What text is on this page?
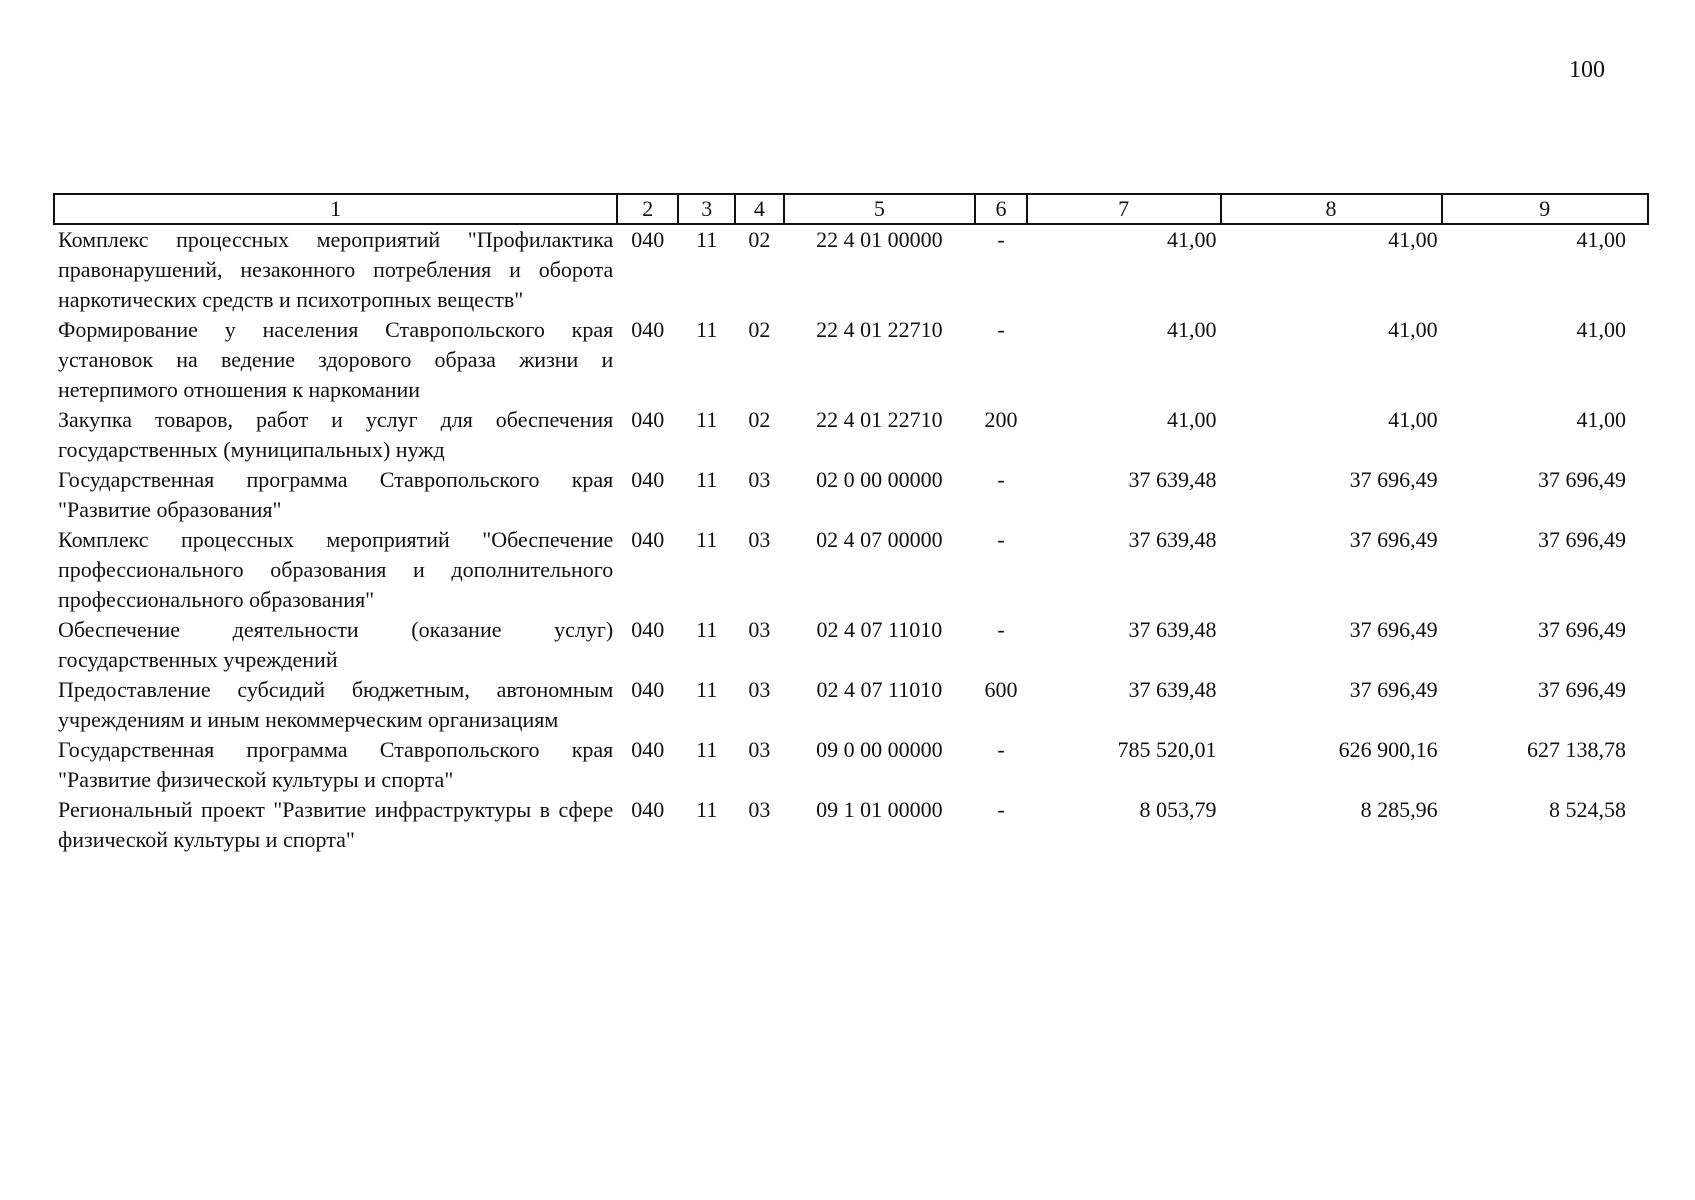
100
1	2	3	4	5	6	7	8	9
Комплекс процессных мероприятий "Профилактика правонарушений, незаконного потребления и оборота наркотических средств и психотропных веществ"	040	11	02	22 4 01 00000	-	41,00	41,00	41,00
Формирование у населения Ставропольского края установок на ведение здорового образа жизни и нетерпимого отношения к наркомании	040	11	02	22 4 01 22710	-	41,00	41,00	41,00
Закупка товаров, работ и услуг для обеспечения государственных (муниципальных) нужд	040	11	02	22 4 01 22710	200	41,00	41,00	41,00
Государственная программа Ставропольского края "Развитие образования"	040	11	03	02 0 00 00000	-	37 639,48	37 696,49	37 696,49
Комплекс процессных мероприятий "Обеспечение профессионального образования и дополнительного профессионального образования"	040	11	03	02 4 07 00000	-	37 639,48	37 696,49	37 696,49
Обеспечение деятельности (оказание услуг) государственных учреждений	040	11	03	02 4 07 11010	-	37 639,48	37 696,49	37 696,49
Предоставление субсидий бюджетным, автономным учреждениям и иным некоммерческим организациям	040	11	03	02 4 07 11010	600	37 639,48	37 696,49	37 696,49
Государственная программа Ставропольского края "Развитие физической культуры и спорта"	040	11	03	09 0 00 00000	-	785 520,01	626 900,16	627 138,78
Региональный проект "Развитие инфраструктуры в сфере физической культуры и спорта"	040	11	03	09 1 01 00000	-	8 053,79	8 285,96	8 524,58
